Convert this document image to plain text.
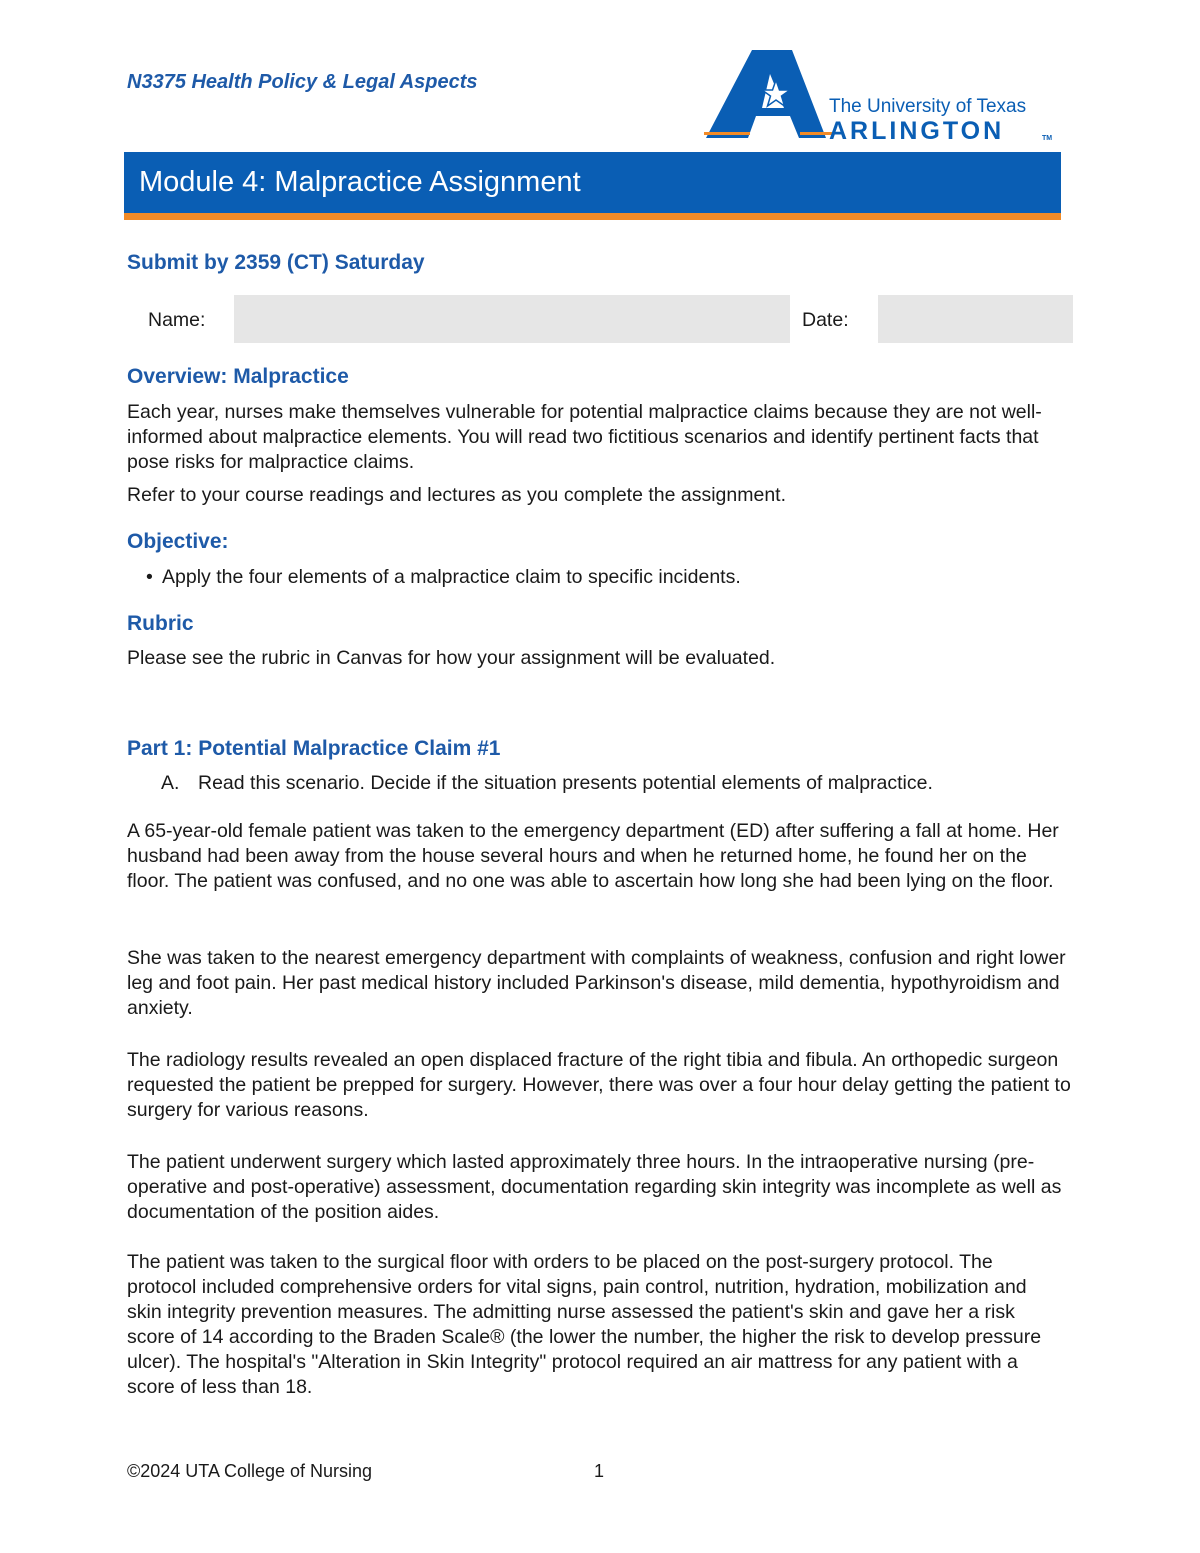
N3375 Health Policy & Legal Aspects

The University of Texas
ARLINGTON	TM
Module 4: Malpractice Assignment
Submit by 2359 (CT) Saturday

Name:	Date:

Overview: Malpractice

Each year, nurses make themselves vulnerable for potential malpractice claims because they are not well-informed about malpractice elements. You will read two fictitious scenarios and identify pertinent facts that pose risks for malpractice claims.

Refer to your course readings and lectures as you complete the assignment.

Objective:

• Apply the four elements of a malpractice claim to specific incidents.

Rubric

Please see the rubric in Canvas for how your assignment will be evaluated.

Part 1: Potential Malpractice Claim #1

A. Read this scenario. Decide if the situation presents potential elements of malpractice.

A 65-year-old female patient was taken to the emergency department (ED) after suffering a fall at home. Her husband had been away from the house several hours and when he returned home, he found her on the floor. The patient was confused, and no one was able to ascertain how long she had been lying on the floor.

She was taken to the nearest emergency department with complaints of weakness, confusion and right lower leg and foot pain. Her past medical history included Parkinson's disease, mild dementia, hypothyroidism and anxiety.

The radiology results revealed an open displaced fracture of the right tibia and fibula. An orthopedic surgeon requested the patient be prepped for surgery. However, there was over a four hour delay getting the patient to surgery for various reasons.

The patient underwent surgery which lasted approximately three hours. In the intraoperative nursing (pre-operative and post-operative) assessment, documentation regarding skin integrity was incomplete as well as documentation of the position aides.

The patient was taken to the surgical floor with orders to be placed on the post-surgery protocol. The protocol included comprehensive orders for vital signs, pain control, nutrition, hydration, mobilization and skin integrity prevention measures. The admitting nurse assessed the patient's skin and gave her a risk score of 14 according to the Braden Scale® (the lower the number, the higher the risk to develop pressure ulcer). The hospital's "Alteration in Skin Integrity" protocol required an air mattress for any patient with a score of less than 18.

©2024 UTA College of Nursing	1
